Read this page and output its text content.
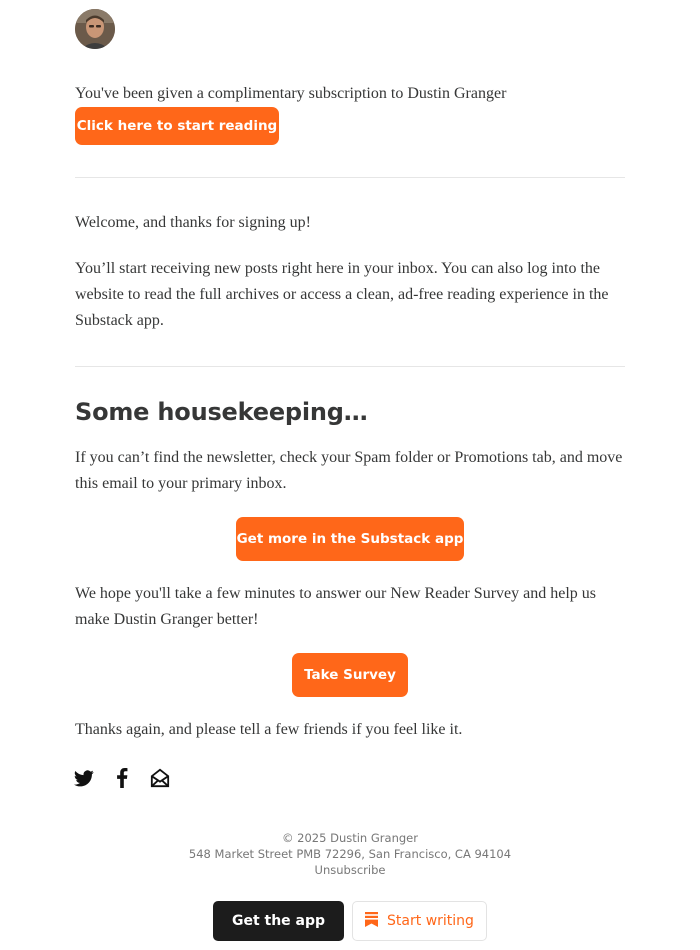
You've been given a complimentary subscription to Dustin Granger
Click here to start reading
Welcome, and thanks for signing up!
You’ll start receiving new posts right here in your inbox. You can also log into the website to read the full archives or access a clean, ad-free reading experience in the Substack app.
Some housekeeping…
If you can’t find the newsletter, check your Spam folder or Promotions tab, and move this email to your primary inbox.
Get more in the Substack app
We hope you'll take a few minutes to answer our New Reader Survey and help us make Dustin Granger better!
Take Survey
Thanks again, and please tell a few friends if you feel like it.
© 2025 Dustin Granger
548 Market Street PMB 72296, San Francisco, CA 94104
Unsubscribe
Get the app	Start writing
